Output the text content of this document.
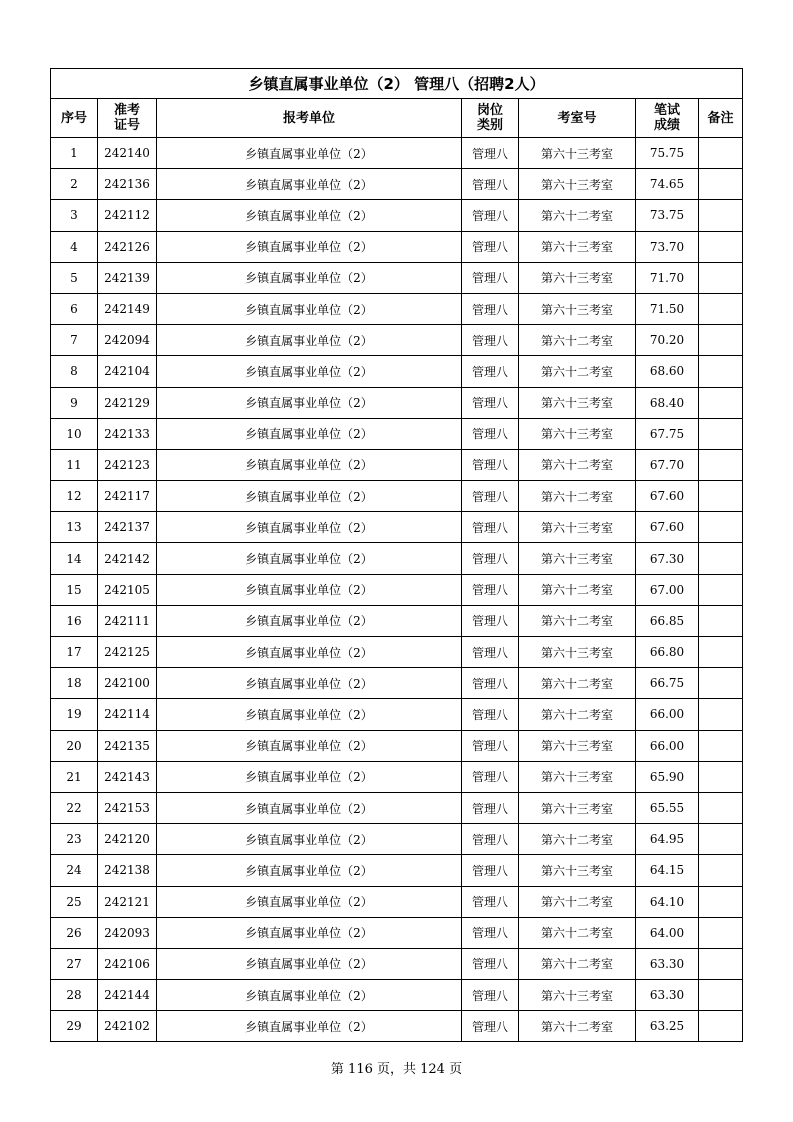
乡镇直属事业单位（2） 管理八（招聘2人）						
序号	准考证号	报考单位	岗位类别	考室号	笔试成绩	备注
1	242140	乡镇直属事业单位（2）	管理八	第六十三考室	75.75	
2	242136	乡镇直属事业单位（2）	管理八	第六十三考室	74.65	
3	242112	乡镇直属事业单位（2）	管理八	第六十二考室	73.75	
4	242126	乡镇直属事业单位（2）	管理八	第六十三考室	73.70	
5	242139	乡镇直属事业单位（2）	管理八	第六十三考室	71.70	
6	242149	乡镇直属事业单位（2）	管理八	第六十三考室	71.50	
7	242094	乡镇直属事业单位（2）	管理八	第六十二考室	70.20	
8	242104	乡镇直属事业单位（2）	管理八	第六十二考室	68.60	
9	242129	乡镇直属事业单位（2）	管理八	第六十三考室	68.40	
10	242133	乡镇直属事业单位（2）	管理八	第六十三考室	67.75	
11	242123	乡镇直属事业单位（2）	管理八	第六十二考室	67.70	
12	242117	乡镇直属事业单位（2）	管理八	第六十二考室	67.60	
13	242137	乡镇直属事业单位（2）	管理八	第六十三考室	67.60	
14	242142	乡镇直属事业单位（2）	管理八	第六十三考室	67.30	
15	242105	乡镇直属事业单位（2）	管理八	第六十二考室	67.00	
16	242111	乡镇直属事业单位（2）	管理八	第六十二考室	66.85	
17	242125	乡镇直属事业单位（2）	管理八	第六十三考室	66.80	
18	242100	乡镇直属事业单位（2）	管理八	第六十二考室	66.75	
19	242114	乡镇直属事业单位（2）	管理八	第六十二考室	66.00	
20	242135	乡镇直属事业单位（2）	管理八	第六十三考室	66.00	
21	242143	乡镇直属事业单位（2）	管理八	第六十三考室	65.90	
22	242153	乡镇直属事业单位（2）	管理八	第六十三考室	65.55	
23	242120	乡镇直属事业单位（2）	管理八	第六十二考室	64.95	
24	242138	乡镇直属事业单位（2）	管理八	第六十三考室	64.15	
25	242121	乡镇直属事业单位（2）	管理八	第六十二考室	64.10	
26	242093	乡镇直属事业单位（2）	管理八	第六十二考室	64.00	
27	242106	乡镇直属事业单位（2）	管理八	第六十二考室	63.30	
28	242144	乡镇直属事业单位（2）	管理八	第六十三考室	63.30	
29	242102	乡镇直属事业单位（2）	管理八	第六十二考室	63.25	
第 116 页，共 124 页
